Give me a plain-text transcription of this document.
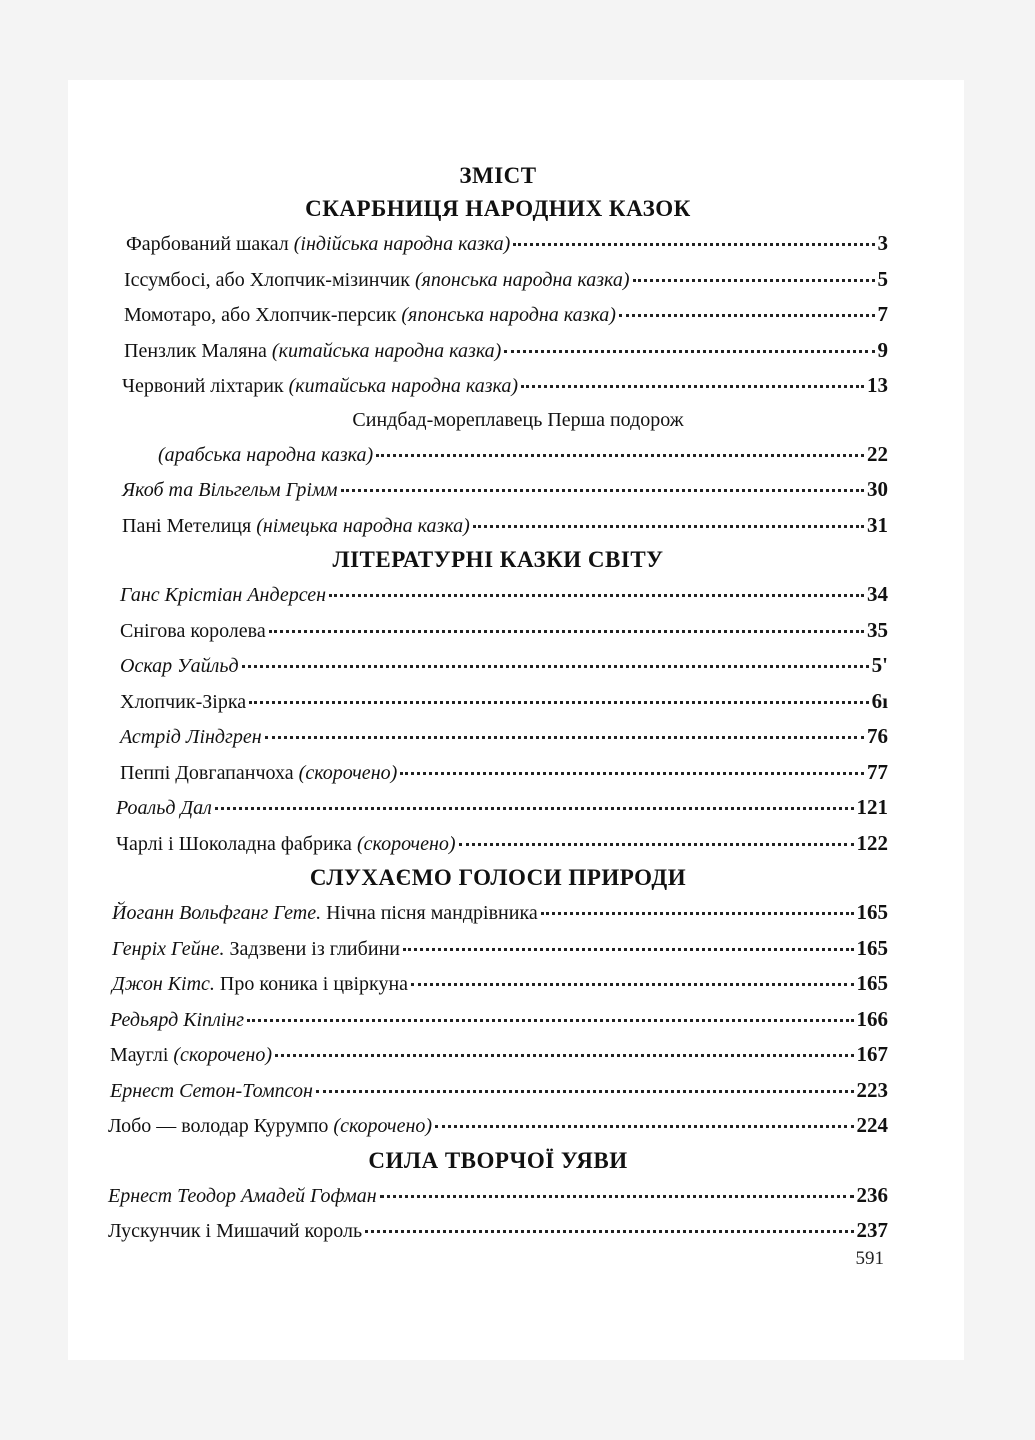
ЗМІСТ
СКАРБНИЦЯ НАРОДНИХ КАЗОК
Фарбований шакал (індійська народна казка)	3
Іссумбосі, або Хлопчик-мізинчик (японська народна казка)	5
Момотаро, або Хлопчик-персик (японська народна казка)	7
Пензлик Маляна (китайська народна казка)	9
Червоний ліхтарик (китайська народна казка)	13
Синдбад-мореплавець Перша подорож
(арабська народна казка)	22
Якоб та Вільгельм Грімм	30
Пані Метелиця (німецька народна казка)	31
ЛІТЕРАТУРНІ КАЗКИ СВІТУ
Ганс Крістіан Андерсен	34
Снігова королева	35
Оскар Уайльд	5'
Хлопчик-Зірка	6ı
Астрід Ліндгрен	76
Пеппі Довгапанчоха (скорочено)	77
Роальд Дал	121
Чарлі і Шоколадна фабрика (скорочено)	122
СЛУХАЄМО ГОЛОСИ ПРИРОДИ
Йоганн Вольфганг Гете. Нічна пісня мандрівника	165
Генріх Гейне. Задзвени із глибини	165
Джон Кітс. Про коника і цвіркуна	165
Редьярд Кіплінг	166
Мауглі (скорочено)	167
Ернест Сетон-Томпсон	223
Лобо — володар Курумпо (скорочено)	224
СИЛА ТВОРЧОЇ УЯВИ
Ернест Теодор Амадей Гофман	236
Лускунчик і Мишачий король	237
591
